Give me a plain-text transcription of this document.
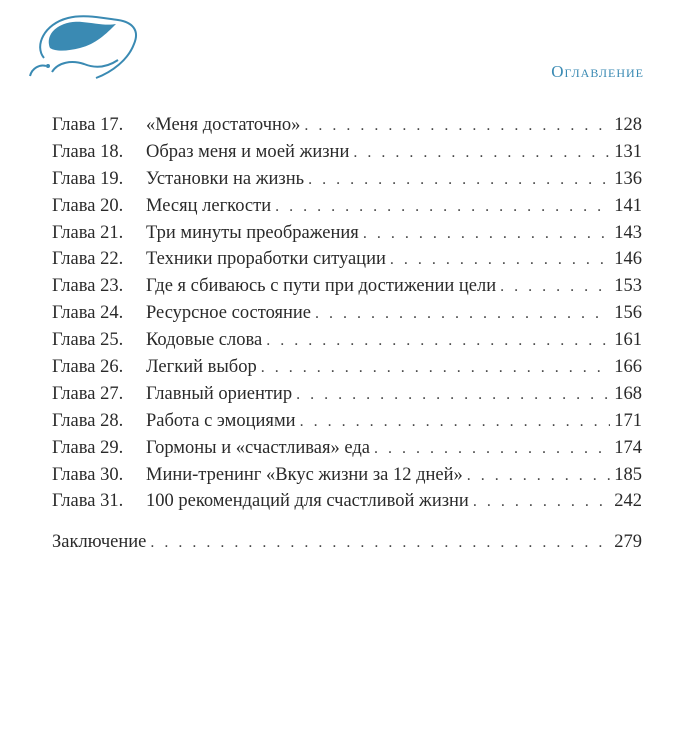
Оглавление
Глава 17.	«Меня достаточно» . . .	128
Глава 18.	Образ меня и моей жизни . . .	131
Глава 19.	Установки на жизнь . . .	136
Глава 20.	Месяц легкости . . .	141
Глава 21.	Три минуты преображения . . .	143
Глава 22.	Техники проработки ситуации . . .	146
Глава 23.	Где я сбиваюсь с пути при достижении цели . . .	153
Глава 24.	Ресурсное состояние . . .	156
Глава 25.	Кодовые слова . . .	161
Глава 26.	Легкий выбор . . .	166
Глава 27.	Главный ориентир . . .	168
Глава 28.	Работа с эмоциями . . .	171
Глава 29.	Гормоны и «счастливая» еда . . .	174
Глава 30.	Мини-тренинг «Вкус жизни за 12 дней» . . .	185
Глава 31.	100 рекомендаций для счастливой жизни . . .	242
Заключение . . .	279
